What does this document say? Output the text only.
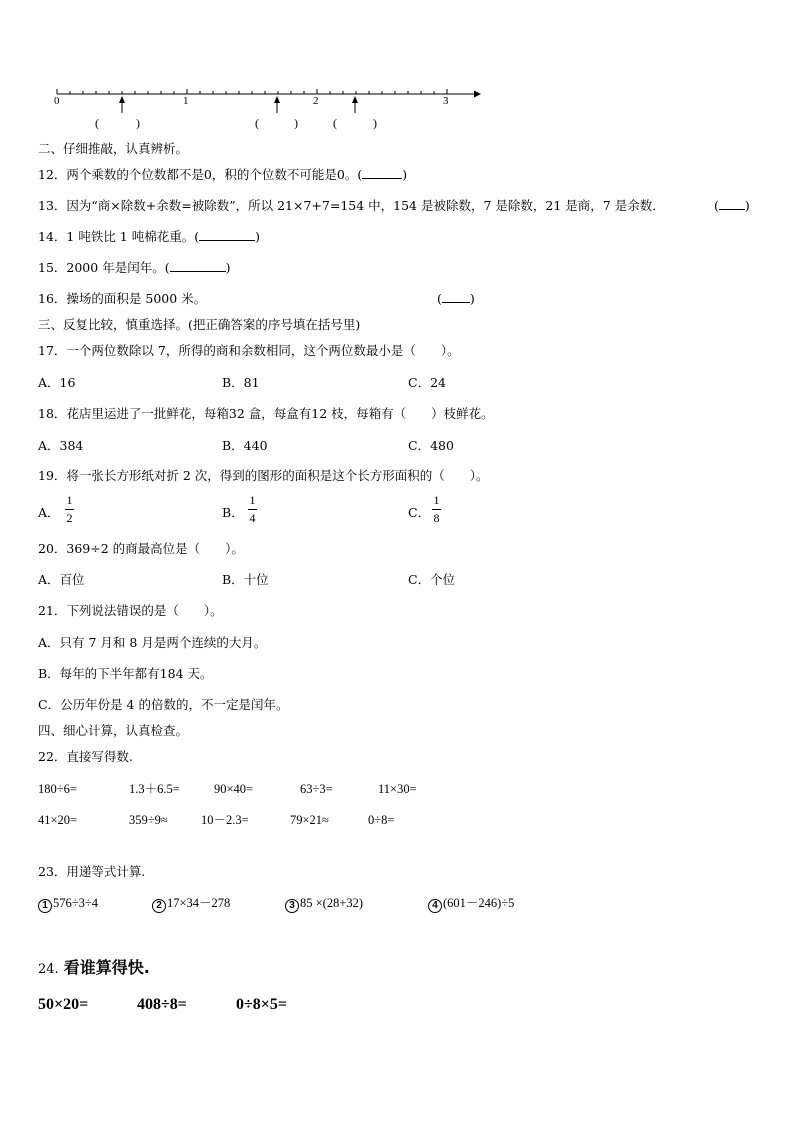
0	1	2	3
(	)	(	)	(	)
二、仔细推敲，认真辨析。
12．两个乘数的个位数都不是0，积的个位数不可能是0。(	)
13．因为“商×除数+余数=被除数”，所以 21×7+7=154 中，154 是被除数，7 是除数，21 是商，7 是余数．	( )
14．1 吨铁比 1 吨棉花重。(	)
15．2000 年是闰年。(	)
16．操场的面积是 5000 米。	( )
三、反复比较，慎重选择。(把正确答案的序号填在括号里)
17．一个两位数除以 7，所得的商和余数相同，这个两位数最小是（　　）。
A．16	B．81	C．24
18．花店里运进了一批鲜花，每箱32 盒，每盒有12 枝，每箱有（　　）枝鲜花。
A．384	B．440	C．480
19．将一张长方形纸对折 2 次，得到的图形的面积是这个长方形面积的（　　）。
A．
1
2	B．
1
4	C．
1
8
20．369÷2 的商最高位是（　　）。
A．百位	B．十位	C．个位
21．下列说法错误的是（　　）。
A．只有 7 月和 8 月是两个连续的大月。
B．每年的下半年都有184 天。
C．公历年份是 4 的倍数的，不一定是闰年。
四、细心计算，认真检查。
22．直接写得数.
180÷6=	1.3＋6.5=	90×40=	63÷3=	11×30=
41×20=	359÷9≈	10－2.3=	79×21≈	0÷8=
23．用递等式计算.
1 576÷3÷4	2 17×34－278	3 85 ×(28+32)	4 (601－246)÷5
24. 看谁算得快.
50×20=	408÷8=	0÷8×5=
